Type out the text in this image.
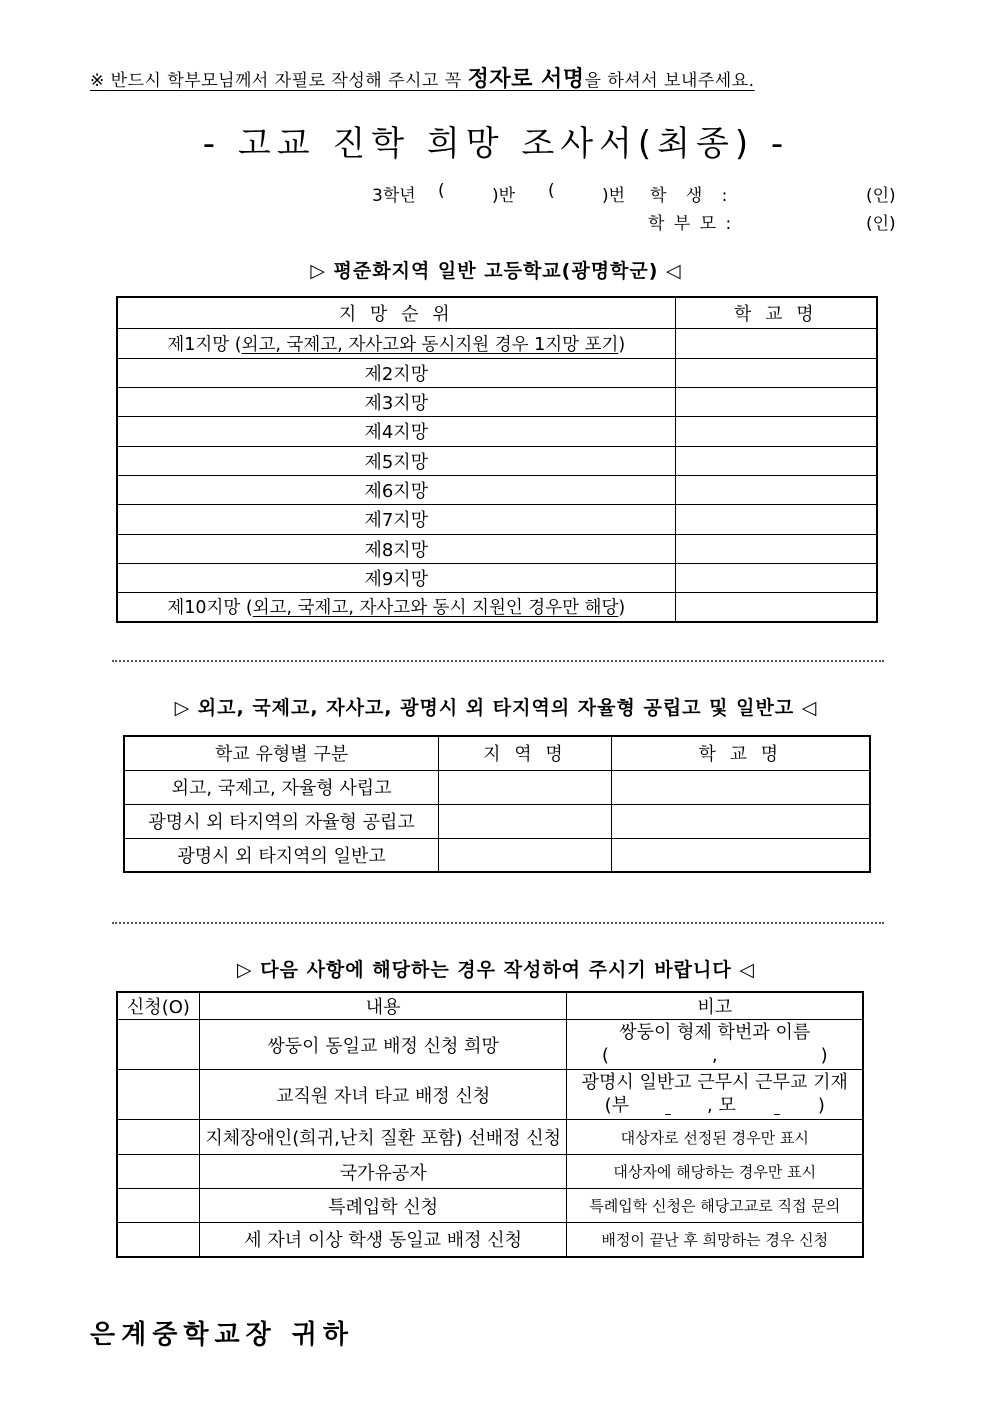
※ 반드시 학부모님께서 자필로 작성해 주시고 꼭 정자로 서명을 하셔서 보내주세요.
- 고교 진학 희망 조사서(최종) -
3학년 (	)반 (	)번 학 생 :	(인)
학 부 모 :	(인)
▷ 평준화지역 일반 고등학교(광명학군) ◁
지 망 순 위	학 교 명
제1지망 (외고, 국제고, 자사고와 동시지원 경우 1지망 포기)	
제2지망	
제3지망	
제4지망	
제5지망	
제6지망	
제7지망	
제8지망	
제9지망	
제10지망 (외고, 국제고, 자사고와 동시 지원인 경우만 해당)	
▷ 외고, 국제고, 자사고, 광명시 외 타지역의 자율형 공립고 및 일반고 ◁
학교 유형별 구분	지 역 명	학 교 명
외고, 국제고, 자율형 사립고		
광명시 외 타지역의 자율형 공립고		
광명시 외 타지역의 일반고		
▷ 다음 사항에 해당하는 경우 작성하여 주시기 바랍니다 ◁
신청(O)	내용	비고
	쌍둥이 동일교 배정 신청 희망	쌍둥이 형제 학번과 이름
(                  ,                  )

	교직원 자녀 타교 배정 신청	광명시 일반고 근무시 근무교 기재
(부 , 모 )

	지체장애인(희귀,난치 질환 포함) 선배정 신청	대상자로 선정된 경우만 표시
	국가유공자	대상자에 해당하는 경우만 표시
	특례입학 신청	특례입학 신청은 해당고교로 직접 문의
	세 자녀 이상 학생 동일교 배정 신청	배정이 끝난 후 희망하는 경우 신청
은계중학교장 귀하
